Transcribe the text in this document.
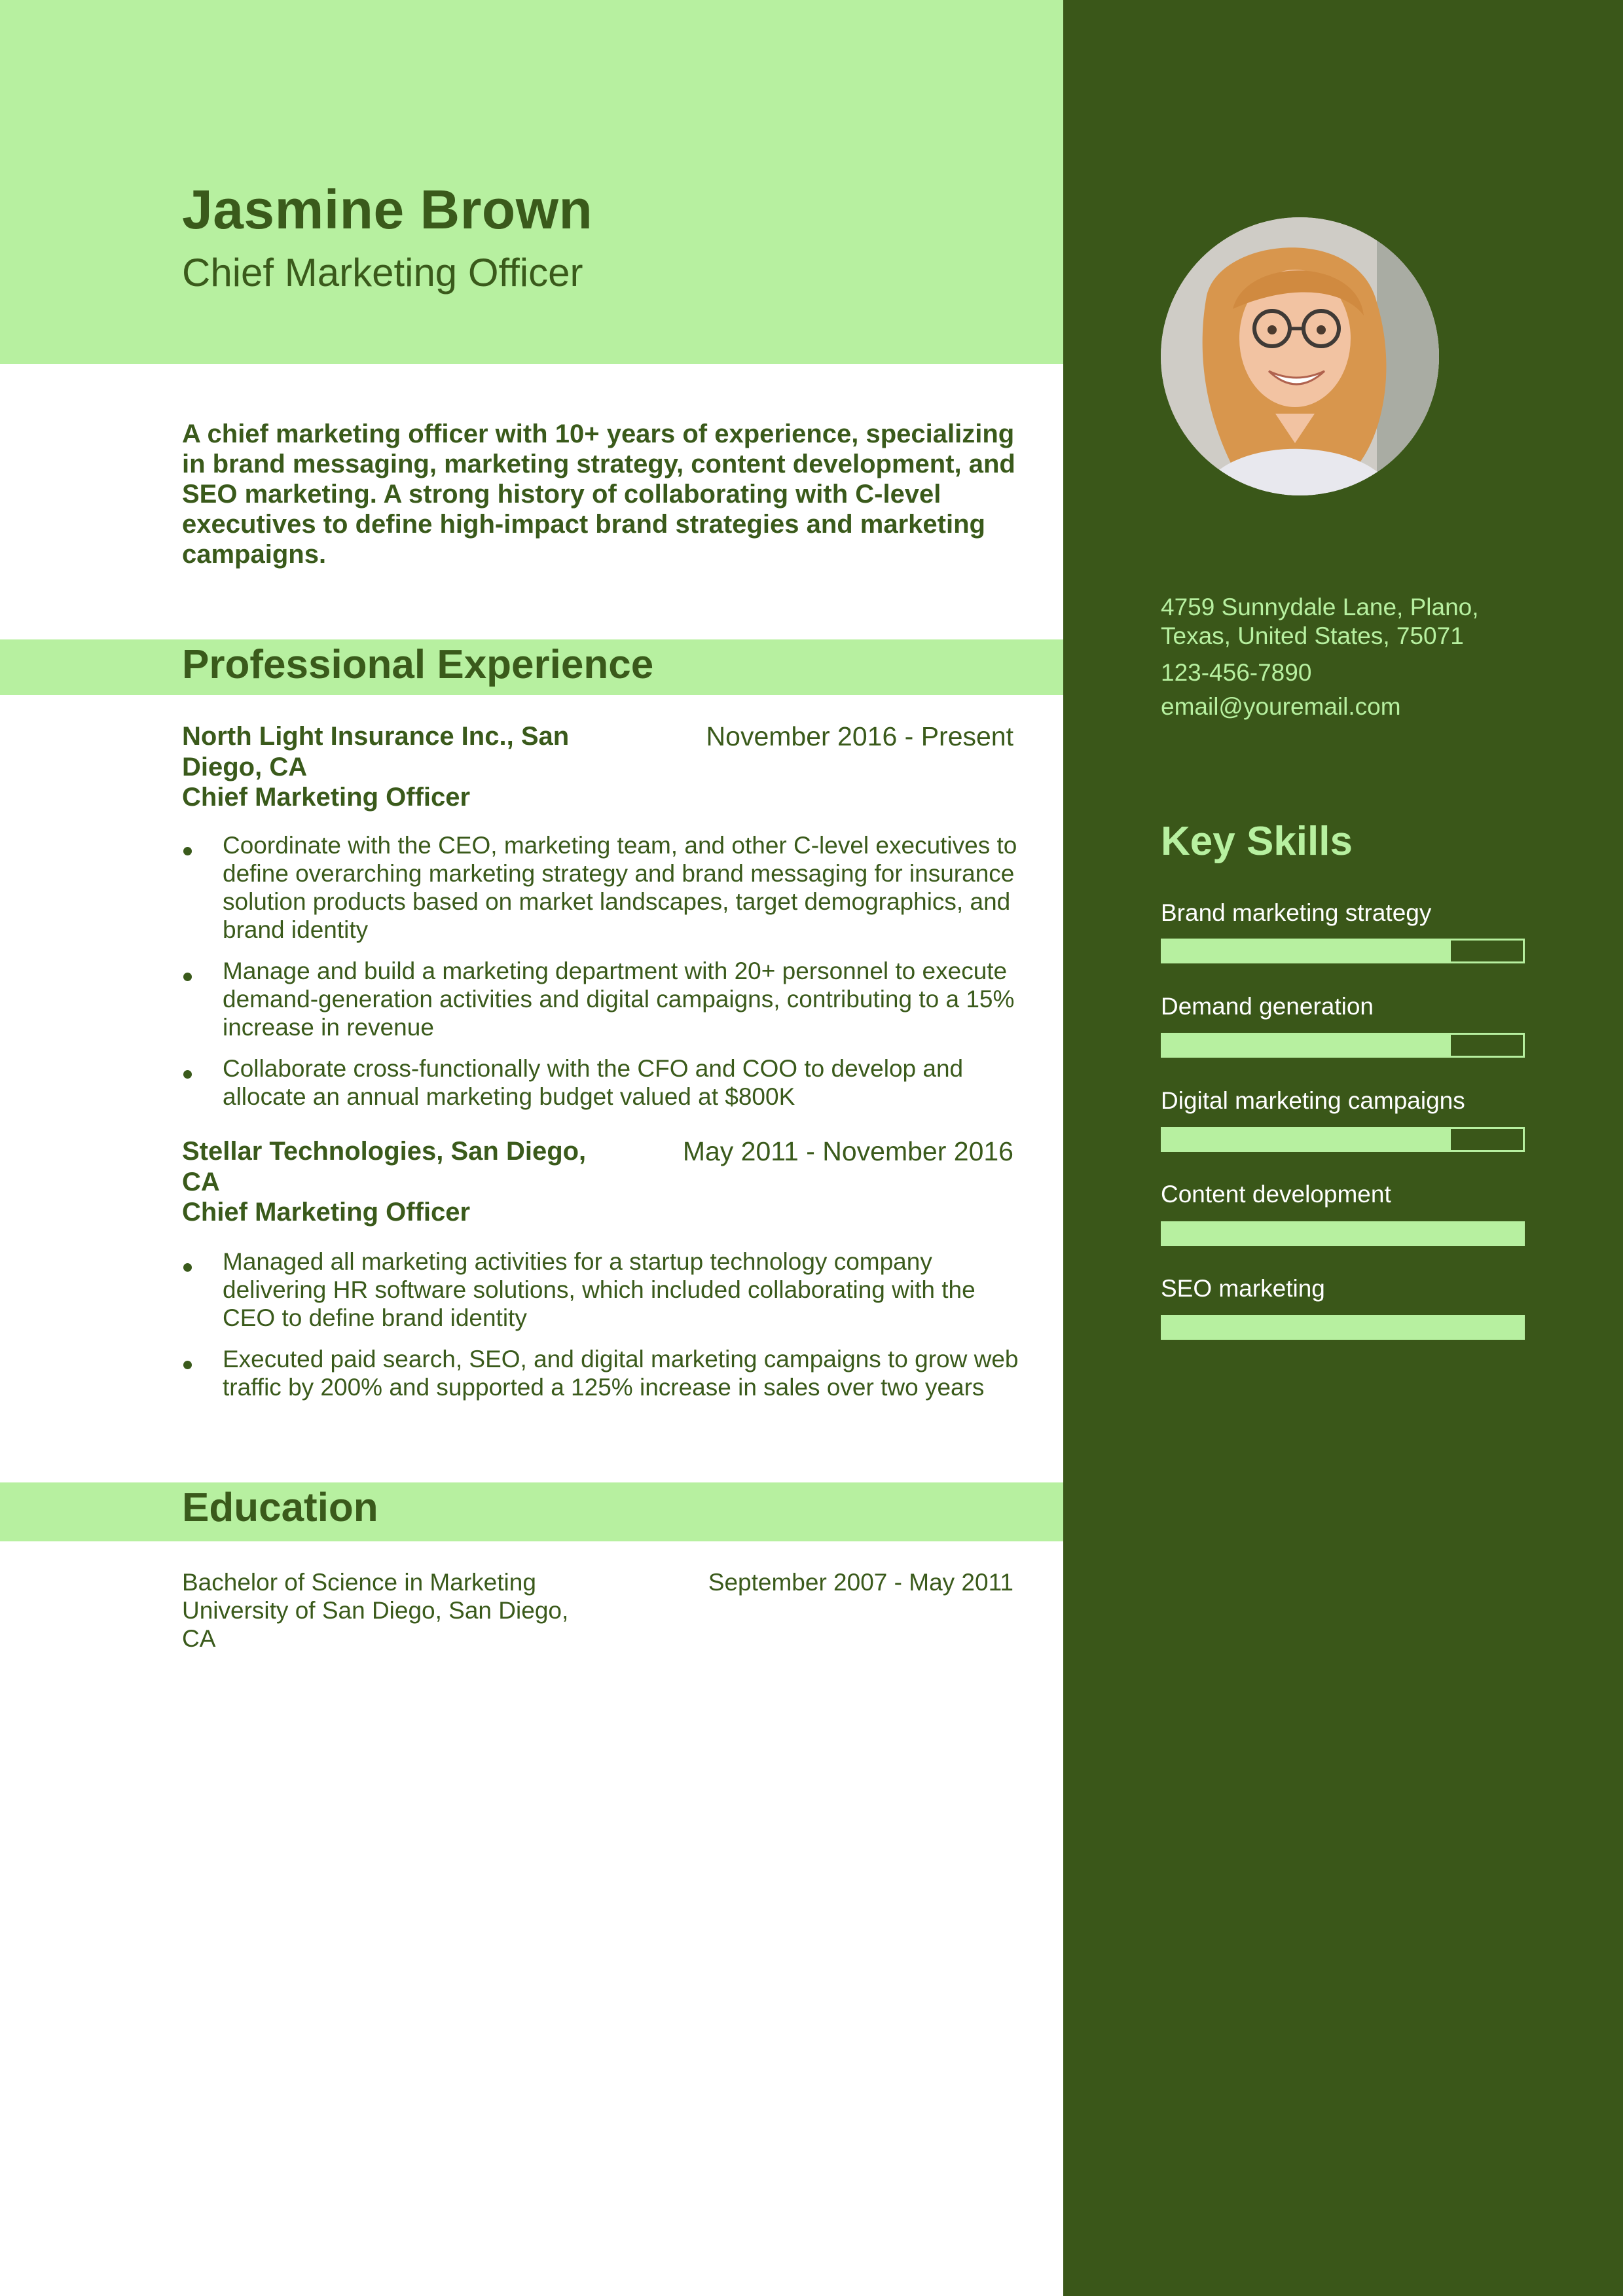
Jasmine Brown
Chief Marketing Officer
A chief marketing officer with 10+ years of experience, specializing in brand messaging, marketing strategy, content development, and SEO marketing. A strong history of collaborating with C-level executives to define high-impact brand strategies and marketing campaigns.
Professional Experience
North Light Insurance Inc., San Diego, CA
November 2016 - Present
Chief Marketing Officer
Coordinate with the CEO, marketing team, and other C-level executives to define overarching marketing strategy and brand messaging for insurance solution products based on market landscapes, target demographics, and brand identity
Manage and build a marketing department with 20+ personnel to execute demand-generation activities and digital campaigns, contributing to a 15% increase in revenue
Collaborate cross-functionally with the CFO and COO to develop and allocate an annual marketing budget valued at $800K
Stellar Technologies, San Diego, CA
May 2011 - November 2016
Chief Marketing Officer
Managed all marketing activities for a startup technology company delivering HR software solutions, which included collaborating with the CEO to define brand identity
Executed paid search, SEO, and digital marketing campaigns to grow web traffic by 200% and supported a 125% increase in sales over two years
Education
Bachelor of Science in Marketing
University of San Diego, San Diego, CA
September 2007 - May 2011
4759 Sunnydale Lane, Plano, Texas, United States, 75071
123-456-7890
email@youremail.com
Key Skills
Brand marketing strategy
Demand generation
Digital marketing campaigns
Content development
SEO marketing
